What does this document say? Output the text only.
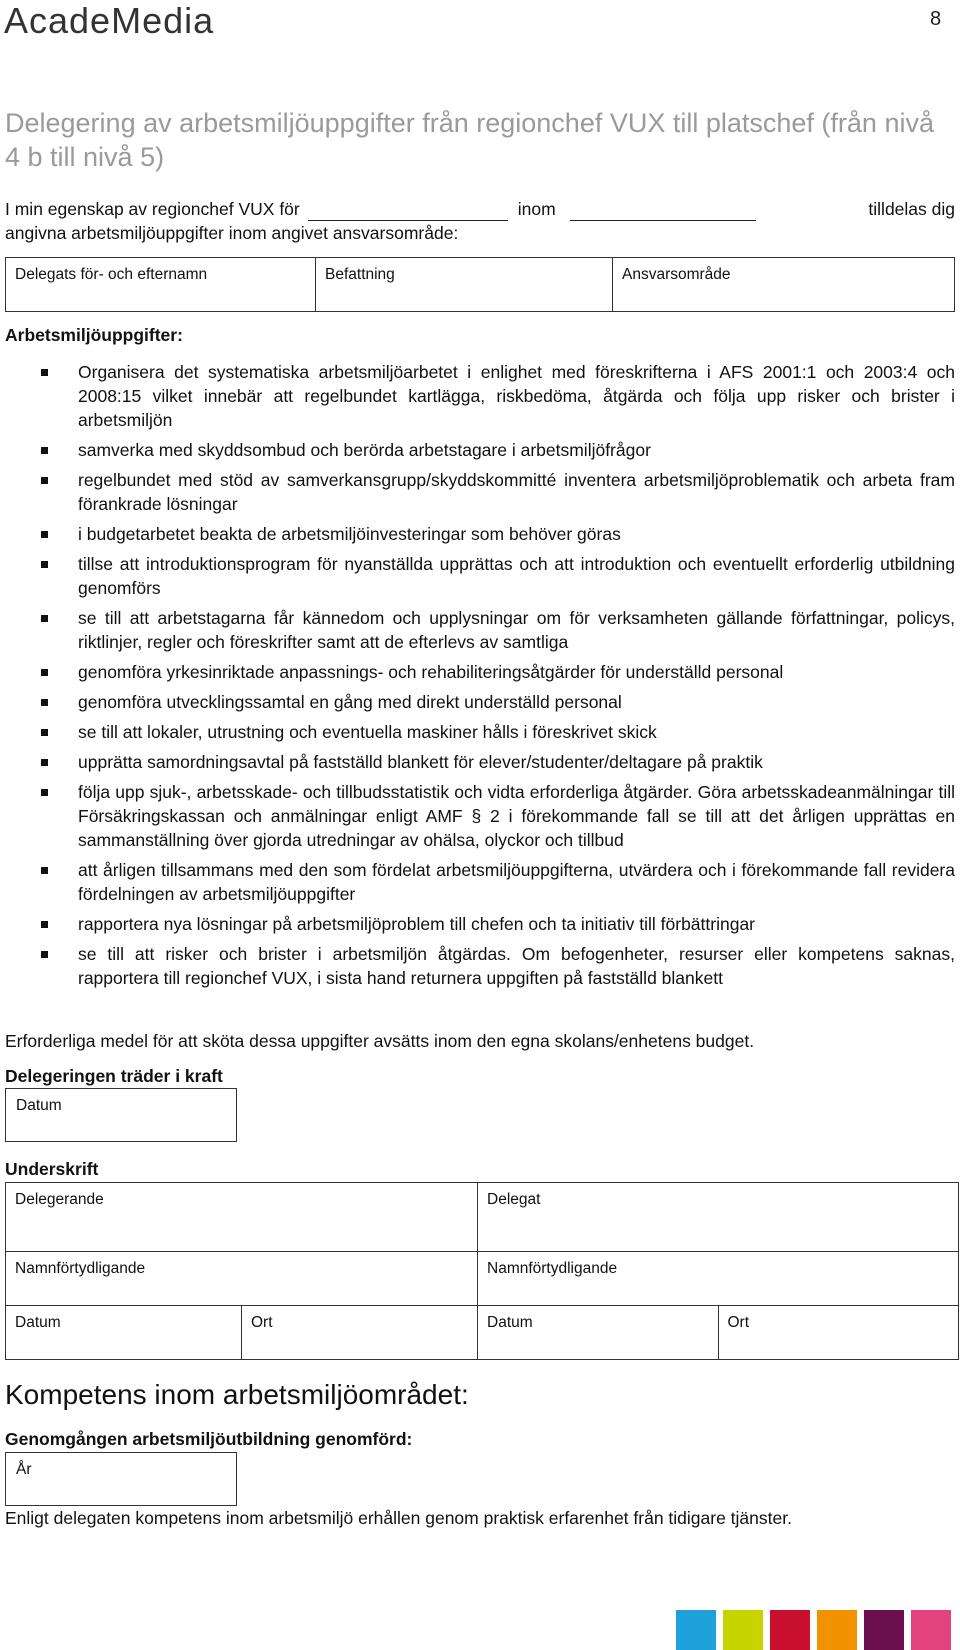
AcadeMedia	8
Delegering av arbetsmiljöuppgifter från regionchef VUX till platschef (från nivå 4 b till nivå 5)
I min egenskap av regionchef VUX för	inom	tilldelas dig
angivna arbetsmiljöuppgifter inom angivet ansvarsområde:
Delegats för- och efternamn	Befattning	Ansvarsområde
Arbetsmiljöuppgifter:
Organisera det systematiska arbetsmiljöarbetet i enlighet med föreskrifterna i AFS 2001:1 och 2003:4 och 2008:15 vilket innebär att regelbundet kartlägga, riskbedöma, åtgärda och följa upp risker och brister i arbetsmiljön
samverka med skyddsombud och berörda arbetstagare i arbetsmiljöfrågor
regelbundet med stöd av samverkansgrupp/skyddskommitté inventera arbetsmiljöproblematik och arbeta fram förankrade lösningar
i budgetarbetet beakta de arbetsmiljöinvesteringar som behöver göras
tillse att introduktionsprogram för nyanställda upprättas och att introduktion och eventuellt erforderlig utbildning genomförs
se till att arbetstagarna får kännedom och upplysningar om för verksamheten gällande författningar, policys, riktlinjer, regler och föreskrifter samt att de efterlevs av samtliga
genomföra yrkesinriktade anpassnings- och rehabiliteringsåtgärder för underställd personal
genomföra utvecklingssamtal en gång med direkt underställd personal
se till att lokaler, utrustning och eventuella maskiner hålls i föreskrivet skick
upprätta samordningsavtal på fastställd blankett för elever/studenter/deltagare på praktik
följa upp sjuk-, arbetsskade- och tillbudsstatistik och vidta erforderliga åtgärder. Göra arbetsskadeanmälningar till Försäkringskassan och anmälningar enligt AMF § 2 i förekommande fall se till att det årligen upprättas en sammanställning över gjorda utredningar av ohälsa, olyckor och tillbud
att årligen tillsammans med den som fördelat arbetsmiljöuppgifterna, utvärdera och i förekommande fall revidera fördelningen av arbetsmiljöuppgifter
rapportera nya lösningar på arbetsmiljöproblem till chefen och ta initiativ till förbättringar
se till att risker och brister i arbetsmiljön åtgärdas. Om befogenheter, resurser eller kompetens saknas, rapportera till regionchef VUX, i sista hand returnera uppgiften på fastställd blankett
Erforderliga medel för att sköta dessa uppgifter avsätts inom den egna skolans/enhetens budget.
Delegeringen träder i kraft
Datum
Underskrift
Delegerande		Delegat	
Namnförtydligande		Namnförtydligande	
Datum	Ort	Datum	Ort
Kompetens inom arbetsmiljöområdet:
Genomgången arbetsmiljöutbildning genomförd:
År
Enligt delegaten kompetens inom arbetsmiljö erhållen genom praktisk erfarenhet från tidigare tjänster.
